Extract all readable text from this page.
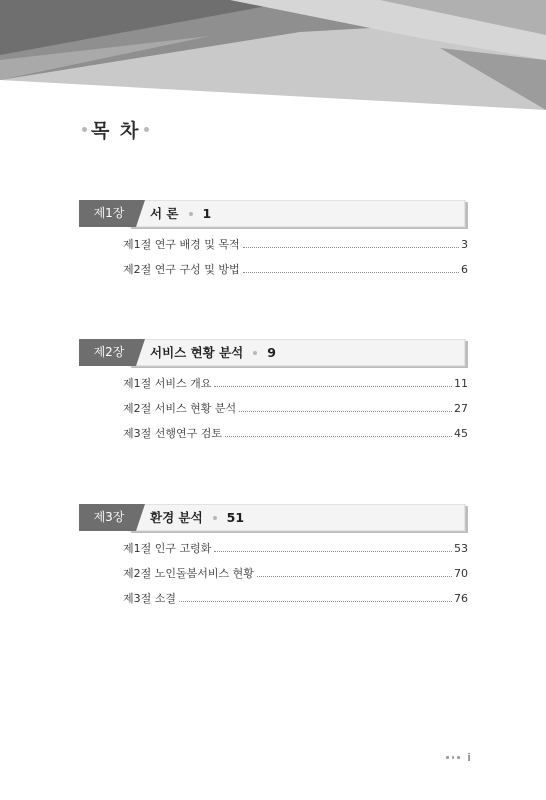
목 차
제1장	서 론 1
제1절 연구 배경 및 목적	3
제2절 연구 구성 및 방법	6
제2장	서비스 현황 분석 9
제1절 서비스 개요	11
제2절 서비스 현황 분석	27
제3절 선행연구 검토	45
제3장	환경 분석 51
제1절 인구 고령화	53
제2절 노인돌봄서비스 현황	70
제3절 소결	76
i
